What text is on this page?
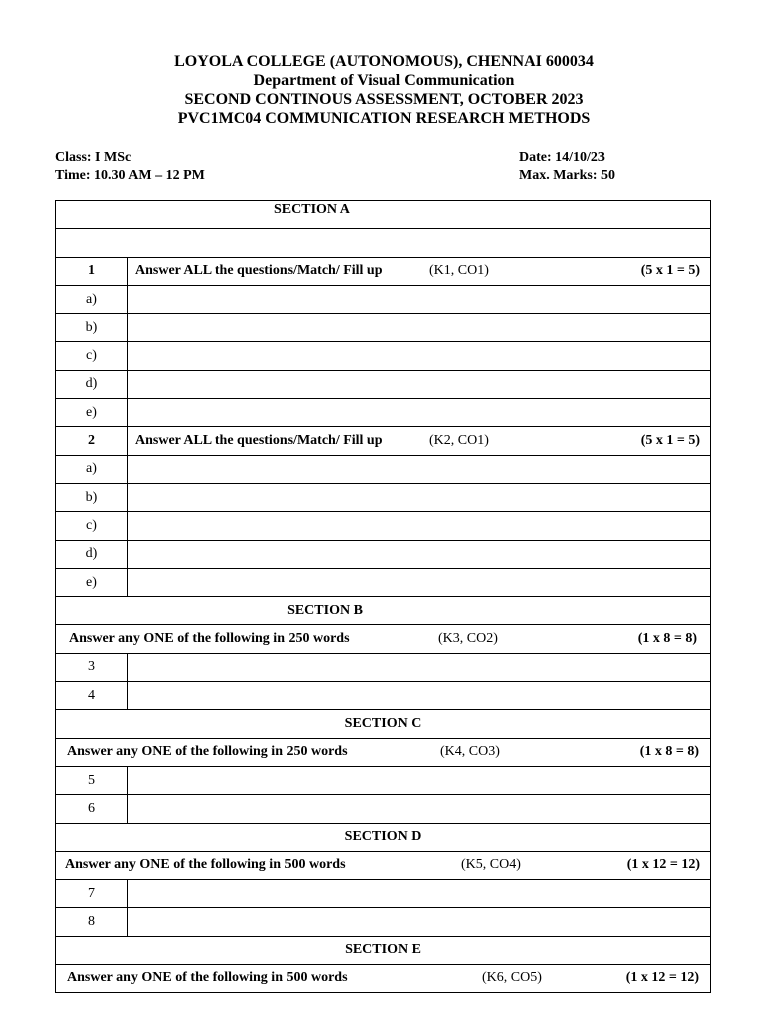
LOYOLA COLLEGE (AUTONOMOUS), CHENNAI 600034
Department of Visual Communication
SECOND CONTINOUS ASSESSMENT, OCTOBER 2023
PVC1MC04 COMMUNICATION RESEARCH METHODS
Class: I MSc
Time: 10.30 AM – 12 PM
Date: 14/10/23
Max. Marks: 50
SECTION A	

1	Answer ALL the questions/Match/ Fill up (K1, CO1) (5 x 1 = 5)

a)	
b)	
c)	
d)	
e)	
2	Answer ALL the questions/Match/ Fill up (K2, CO1) (5 x 1 = 5)

a)	
b)	
c)	
d)	
e)	
SECTION B	

Answer any ONE of the following in 250 words (K3, CO2) (1 x 8 = 8)	

3	
4	
SECTION C	

Answer any ONE of the following in 250 words (K4, CO3) (1 x 8 = 8)	

5	
6	
SECTION D	

Answer any ONE of the following in 500 words (K5, CO4) (1 x 12 = 12)	

7	
8	
SECTION E	

Answer any ONE of the following in 500 words (K6, CO5) (1 x 12 = 12)	
